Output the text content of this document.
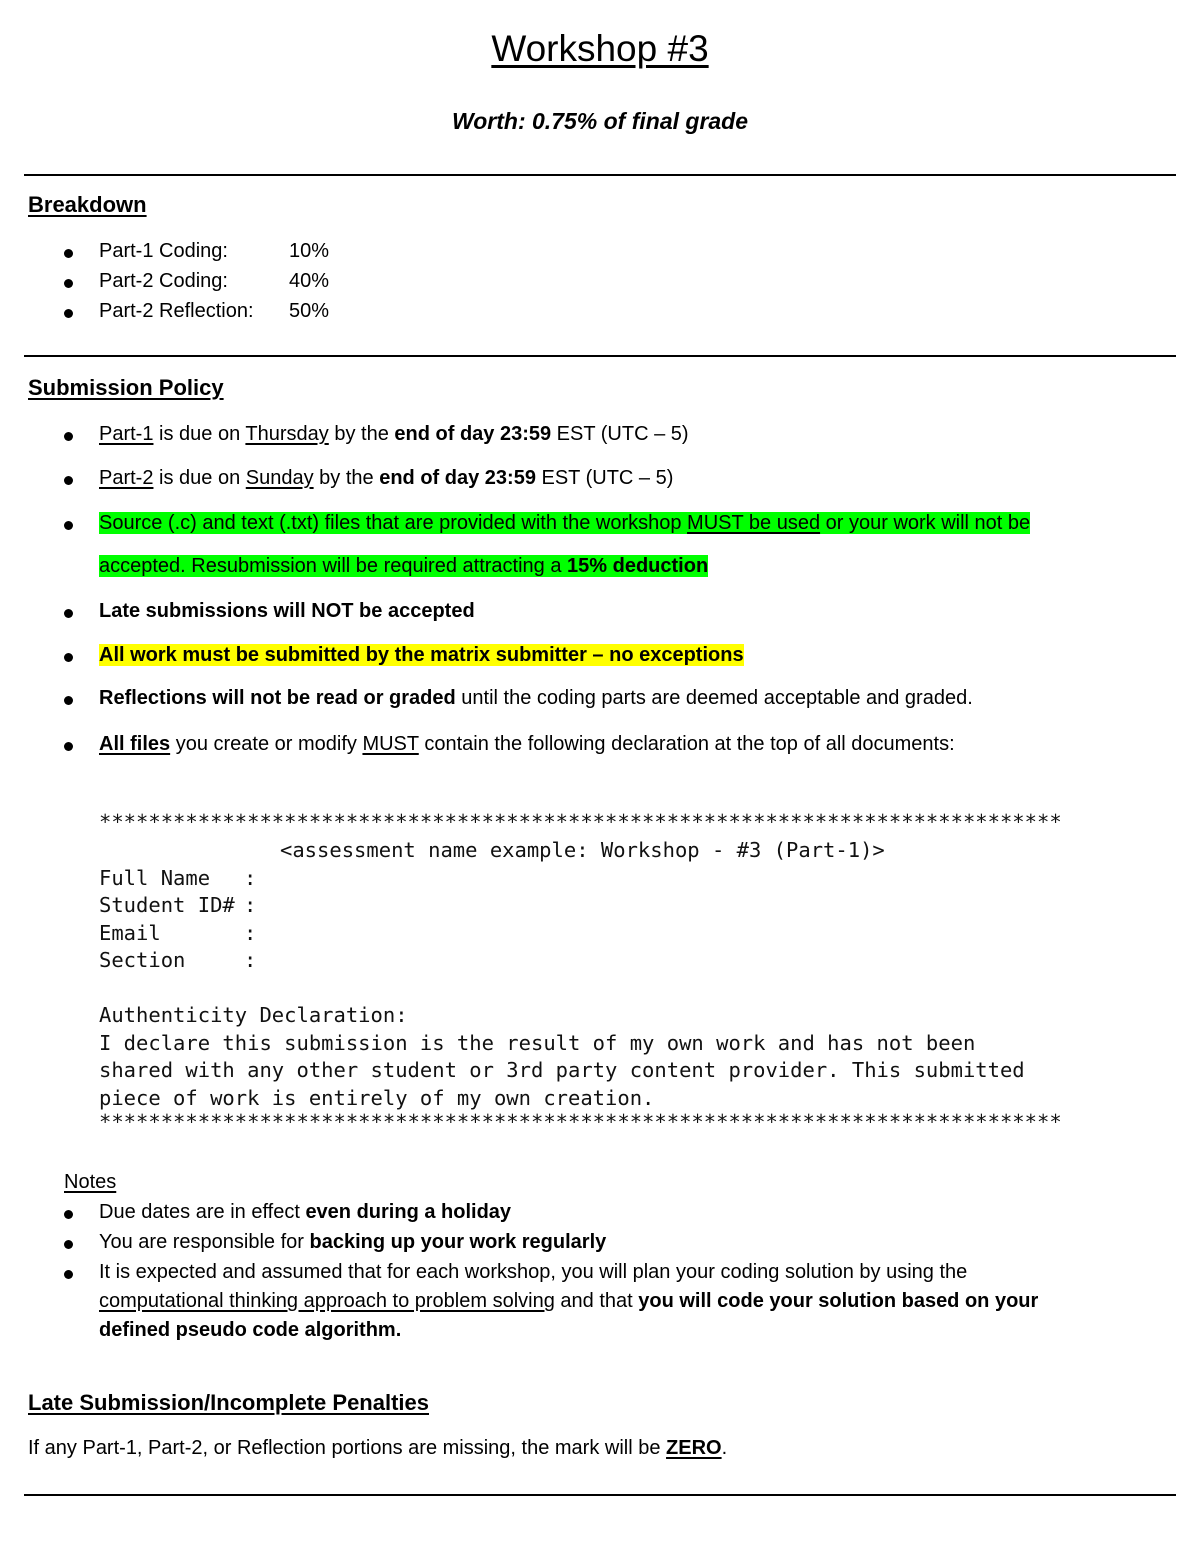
Workshop #3
Worth: 0.75% of final grade
Breakdown
Part-1 Coding:	10%
Part-2 Coding:	40%
Part-2 Reflection: 50%
Submission Policy
Part-1 is due on Thursday by the end of day 23:59 EST (UTC – 5)
Part-2 is due on Sunday by the end of day 23:59 EST (UTC – 5)
Source (.c) and text (.txt) files that are provided with the workshop MUST be used or your work will not be
accepted. Resubmission will be required attracting a 15% deduction
Late submissions will NOT be accepted
All work must be submitted by the matrix submitter – no exceptions
Reflections will not be read or graded until the coding parts are deemed acceptable and graded.
All files you create or modify MUST contain the following declaration at the top of all documents:
******************************************************************************
<assessment name example: Workshop - #3 (Part-1)>
Full Name :
Student ID# :
Email	:
Section	:
Authenticity Declaration:
I declare this submission is the result of my own work and has not been
shared with any other student or 3rd party content provider. This submitted
piece of work is entirely of my own creation.
******************************************************************************
Notes
Due dates are in effect even during a holiday
You are responsible for backing up your work regularly
It is expected and assumed that for each workshop, you will plan your coding solution by using the
computational thinking approach to problem solving and that you will code your solution based on your
defined pseudo code algorithm.
Late Submission/Incomplete Penalties
If any Part-1, Part-2, or Reflection portions are missing, the mark will be ZERO.
